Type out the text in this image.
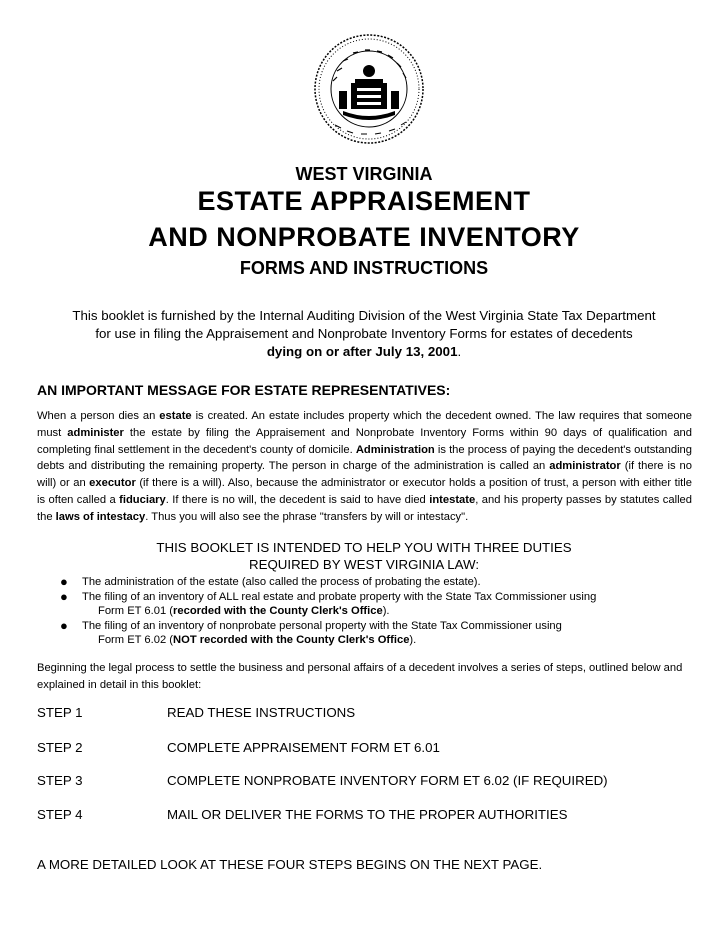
WEST VIRGINIA
ESTATE APPRAISEMENT
AND NONPROBATE INVENTORY
FORMS AND INSTRUCTIONS
This booklet is furnished by the Internal Auditing Division of the West Virginia State Tax Department
for use in filing the Appraisement and Nonprobate Inventory Forms for estates of decedents
dying on or after July 13, 2001.
AN IMPORTANT MESSAGE FOR ESTATE REPRESENTATIVES:
When a person dies an estate is created. An estate includes property which the decedent owned. The law requires that someone must administer the estate by filing the Appraisement and Nonprobate Inventory Forms within 90 days of qualification and completing final settlement in the decedent's county of domicile. Administration is the process of paying the decedent's outstanding debts and distributing the remaining property. The person in charge of the administration is called an administrator (if there is no will) or an executor (if there is a will). Also, because the administrator or executor holds a position of trust, a person with either title is often called a fiduciary. If there is no will, the decedent is said to have died intestate, and his property passes by statutes called the laws of intestacy. Thus you will also see the phrase "transfers by will or intestacy".
THIS BOOKLET IS INTENDED TO HELP YOU WITH THREE DUTIES
REQUIRED BY WEST VIRGINIA LAW:
●	The administration of the estate (also called the process of probating the estate).
●	The filing of an inventory of ALL real estate and probate property with the State Tax Commissioner using
Form ET 6.01 (recorded with the County Clerk's Office).
●	The filing of an inventory of nonprobate personal property with the State Tax Commissioner using
Form ET 6.02 (NOT recorded with the County Clerk's Office).
Beginning the legal process to settle the business and personal affairs of a decedent involves a series of steps, outlined below and explained in detail in this booklet:
STEP 1	READ THESE INSTRUCTIONS
STEP 2	COMPLETE APPRAISEMENT FORM ET 6.01
STEP 3	COMPLETE NONPROBATE INVENTORY FORM ET 6.02 (IF REQUIRED)
STEP 4	MAIL OR DELIVER THE FORMS TO THE PROPER AUTHORITIES
A MORE DETAILED LOOK AT THESE FOUR STEPS BEGINS ON THE NEXT PAGE.
